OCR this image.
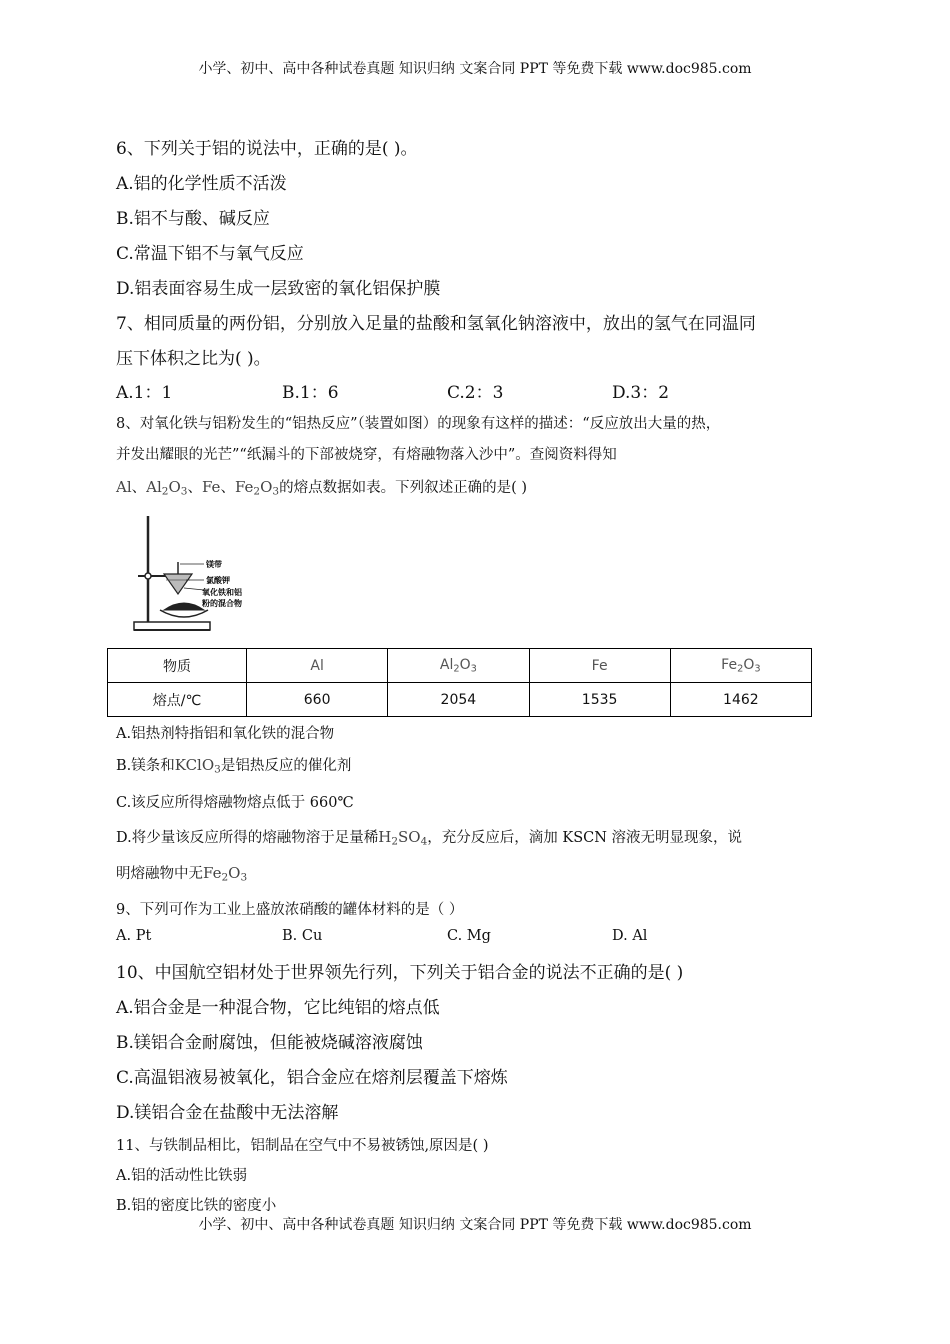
小学、初中、高中各种试卷真题 知识归纳 文案合同 PPT 等免费下载 www.doc985.com
6、下列关于铝的说法中，正确的是( )。
A.铝的化学性质不活泼
B.铝不与酸、碱反应
C.常温下铝不与氧气反应
D.铝表面容易生成一层致密的氧化铝保护膜
7、相同质量的两份铝，分别放入足量的盐酸和氢氧化钠溶液中，放出的氢气在同温同
压下体积之比为( )。
A.1：1	B.1：6	C.2：3	D.3：2
8、对氧化铁与铝粉发生的“铝热反应”（装置如图）的现象有这样的描述：“反应放出大量的热，
并发出耀眼的光芒”“纸漏斗的下部被烧穿，有熔融物落入沙中”。查阅资料得知
Al、$Al_2O_3$、Fe、$Fe_2O_3$的熔点数据如表。下列叙述正确的是( )
镁带
氯酸钾
氧化铁和铝
粉的混合物
物质	Al	$Al_2O_3$	Fe	$Fe_2O_3$
熔点/℃	660	2054	1535	1462
A.铝热剂特指铝和氧化铁的混合物
B.镁条和KClO$_3$是铝热反应的催化剂
C.该反应所得熔融物熔点低于 660℃
D.将少量该反应所得的熔融物溶于足量稀$H_2SO_4$，充分反应后，滴加 KSCN 溶液无明显现象，说
明熔融物中无$Fe_2O_3$
9、下列可作为工业上盛放浓硝酸的罐体材料的是（ ）
A. Pt	B. Cu	C. Mg	D. Al
10、中国航空铝材处于世界领先行列，下列关于铝合金的说法不正确的是( )
A.铝合金是一种混合物，它比纯铝的熔点低
B.镁铝合金耐腐蚀，但能被烧碱溶液腐蚀
C.高温铝液易被氧化，铝合金应在熔剂层覆盖下熔炼
D.镁铝合金在盐酸中无法溶解
11、与铁制品相比，铝制品在空气中不易被锈蚀,原因是( )
A.铝的活动性比铁弱
B.铝的密度比铁的密度小
小学、初中、高中各种试卷真题 知识归纳 文案合同 PPT 等免费下载 www.doc985.com
